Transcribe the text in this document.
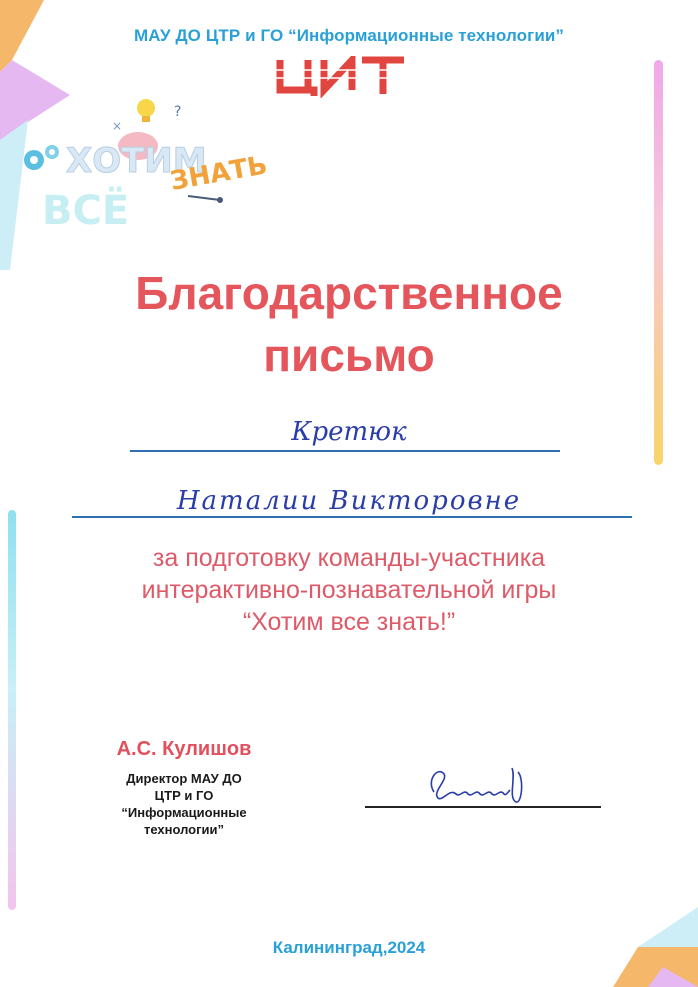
МАУ ДО ЦТР и ГО “Информационные технологии”
?
×
ХОТИМ
ВСЁ
ЗНАТЬ
Благодарственное
письмо
Кретюк
Наталии Викторовне
за подготовку команды-участника
интерактивно-познавательной игры
“Хотим все знать!”
А.С. Кулишов
Директор МАУ ДО
ЦТР и ГО
“Информационные
технологии”
Калининград,2024
